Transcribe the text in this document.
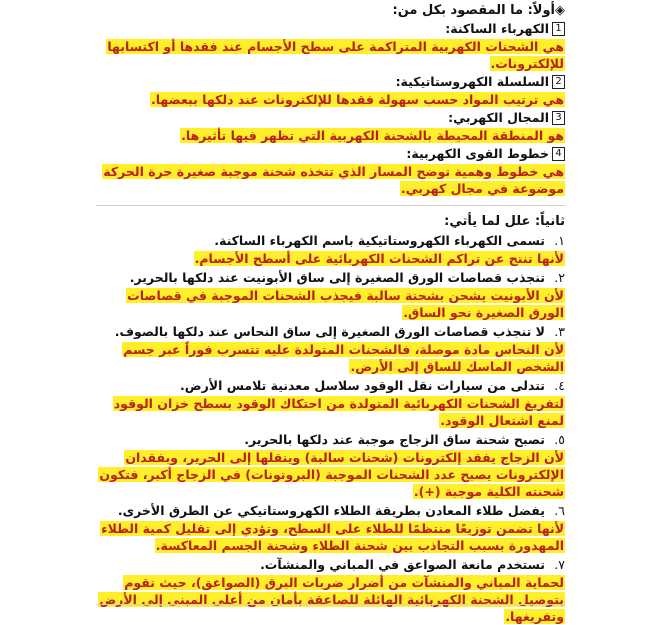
◈أولاً: ما المقصود بكل من:
1
الكهرباء الساكنة:
هي الشحنات الكهربية المتراكمة على سطح الأجسام عند فقدها أو اكتسابها للإلكترونات.
2
السلسلة الكهروستاتيكية:
هي ترتيب المواد حسب سهولة فقدها للإلكترونات عند دلكها ببعضها.
3
المجال الكهربي:
هو المنطقة المحيطة بالشحنة الكهربية التي تظهر فيها تأثيرها.
4
خطوط القوى الكهربية:
هي خطوط وهمية توضح المسار الذي تتخذه شحنة موجبة صغيرة حرة الحركة موضوعة في مجال كهربي.
ثانياً: علل لما يأتي:
١.
تسمى الكهرباء الكهروستاتيكية باسم الكهرباء الساكنة.
لأنها تنتج عن تراكم الشحنات الكهربائية على أسطح الأجسام.
٢.
تنجذب قصاصات الورق الصغيرة إلى ساق الأبونيت عند دلكها بالحرير.
لأن الأبونيت يشحن بشحنة سالبة فيجذب الشحنات الموجبة في قصاصات الورق الصغيرة نحو الساق.
٣.
لا تنجذب قصاصات الورق الصغيرة إلى ساق النحاس عند دلكها بالصوف.
لأن النحاس مادة موصلة، فالشحنات المتولدة عليه تتسرب فوراً عبر جسم الشخص الماسك للساق إلى الأرض.
٤.
تتدلى من سيارات نقل الوقود سلاسل معدنية تلامس الأرض.
لتفريغ الشحنات الكهربائية المتولدة من احتكاك الوقود بسطح خزان الوقود لمنع اشتعال الوقود.
٥.
تصبح شحنة ساق الزجاج موجبة عند دلكها بالحرير.
لأن الزجاج يفقد إلكترونات (شحنات سالبة) وينقلها إلى الحرير، وبفقدان الإلكترونات يصبح عدد الشحنات الموجبة (البروتونات) في الزجاج أكبر، فتكون شحنته الكلية موجبة (+).
٦.
يفضل طلاء المعادن بطريقة الطلاء الكهروستاتيكي عن الطرق الأخرى.
لأنها تضمن توزيعًا منتظمًا للطلاء على السطح، وتؤدي إلى تقليل كمية الطلاء المهدورة بسبب التجاذب بين شحنة الطلاء وشحنة الجسم المعاكسة.
٧.
تستخدم مانعة الصواعق في المباني والمنشآت.
لحماية المباني والمنشآت من أضرار ضربات البرق (الصواعق)، حيث تقوم بتوصيل الشحنة الكهربائية الهائلة للصاعقة بأمان من أعلى المبنى إلى الأرض وتفريغها.
